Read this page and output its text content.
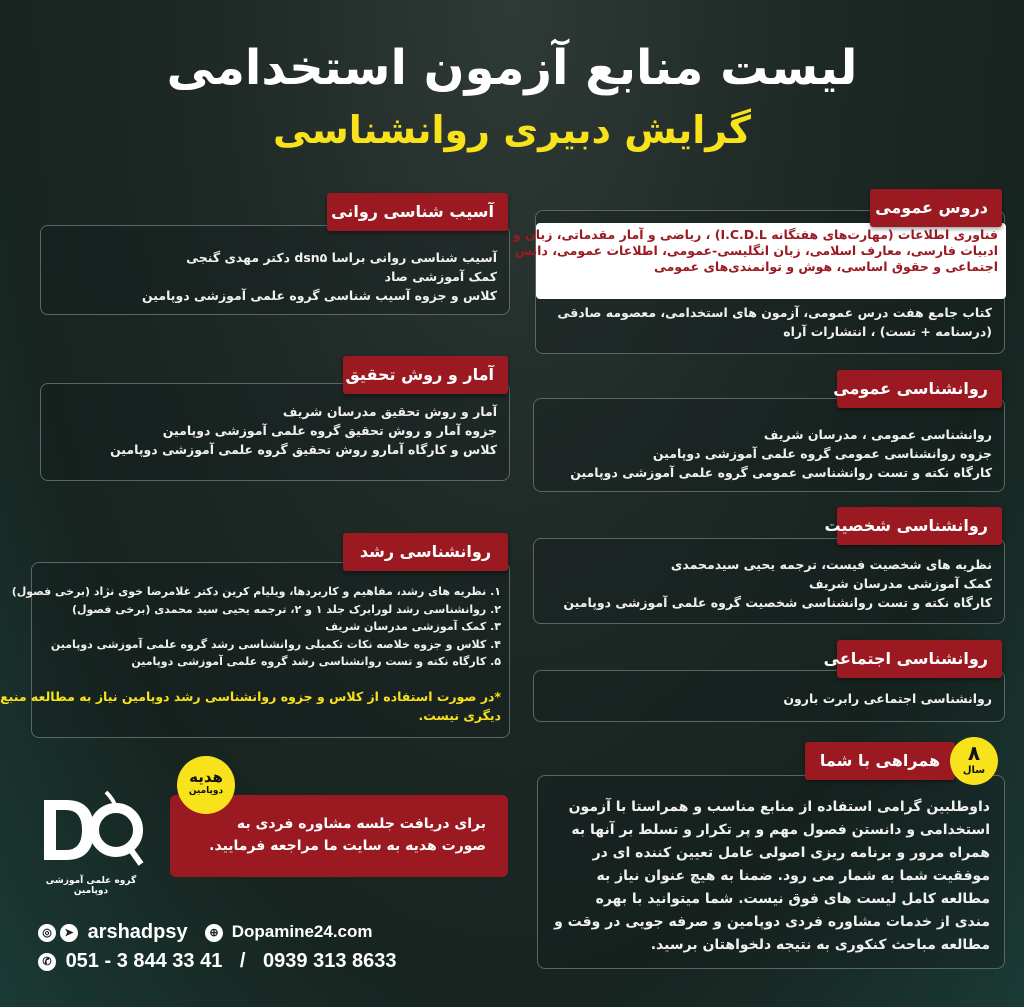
لیست منابع آزمون استخدامی
گرایش دبیری روانشناسی
فناوری اطلاعات (مهارت‌های هفتگانه I.C.D.L) ، ریاضی و آمار مقدماتی، زبان و
ادبیات فارسی، معارف اسلامی، زبان انگلیسی-عمومی، اطلاعات عمومی، دانش
اجتماعی و حقوق اساسی، هوش و توانمندی‌های عمومی
کتاب جامع هفت درس عمومی، آزمون های استخدامی، معصومه صادقی
(درسنامه + تست) ، انتشارات آراه
دروس عمومی
روانشناسی عمومی ، مدرسان شریف
جزوه روانشناسی عمومی گروه علمی آموزشی دوپامین
کارگاه نکته و تست روانشناسی عمومی گروه علمی آموزشی دوپامین
روانشناسی عمومی
نظریه های شخصیت فیست، ترجمه یحیی سیدمحمدی
کمک آموزشی مدرسان شریف
کارگاه نکته و تست روانشناسی شخصیت گروه علمی آموزشی دوپامین
روانشناسی شخصیت
روانشناسی اجتماعی رابرت بارون
روانشناسی اجتماعی
داوطلبین گرامی استفاده از منابع مناسب و همراستا با آزمون
استخدامی و دانستن فصول مهم و پر تکرار و تسلط بر آنها به
همراه مرور و برنامه ریزی اصولی عامل تعیین کننده ای در
موفقیت شما به شمار می رود. ضمنا به هیچ عنوان نیاز به
مطالعه کامل لیست های فوق نیست. شما میتوانید با بهره
مندی از خدمات مشاوره فردی دوپامین و صرفه جویی در وقت و
مطالعه مباحث کنکوری به نتیجه دلخواهتان برسید.
همراهی با شما	۸
سال
آسیب شناسی روانی براسا dsn۵ دکتر مهدی گنجی
کمک آموزشی صاد
کلاس و جزوه آسیب شناسی گروه علمی آموزشی دوپامین
آسیب شناسی روانی
آمار و روش تحقیق مدرسان شریف
جزوه آمار و روش تحقیق گروه علمی آموزشی دوپامین
کلاس و کارگاه آمارو روش تحقیق گروه علمی آموزشی دوپامین
آمار و روش تحقیق
۱. نظریه های رشد، مفاهیم و کاربردها، ویلیام کرین دکتر غلامرضا خوی نژاد (برخی فصول)
۲. روانشناسی رشد لورابرک جلد ۱ و ۲، ترجمه یحیی سید محمدی (برخی فصول)
۳. کمک آموزشی مدرسان شریف
۴. کلاس و جزوه خلاصه نکات تکمیلی روانشناسی رشد گروه علمی آموزشی دوپامین
۵. کارگاه نکته و تست روانشناسی رشد گروه علمی آموزشی دوپامین
*در صورت استفاده از کلاس و جزوه روانشناسی رشد دوپامین نیاز به مطالعه منبع
دیگری نیست.
روانشناسی رشد
برای دریافت جلسه مشاوره فردی به
صورت هدیه به سایت ما مراجعه فرمایید.
هدیه
دوپامین
گروه علمی آموزشی دوپامین
◎ ➤ arshadpsy	⊕ Dopamine24.com
✆ 051 - 3 844 33 41 / 0939 313 8633
